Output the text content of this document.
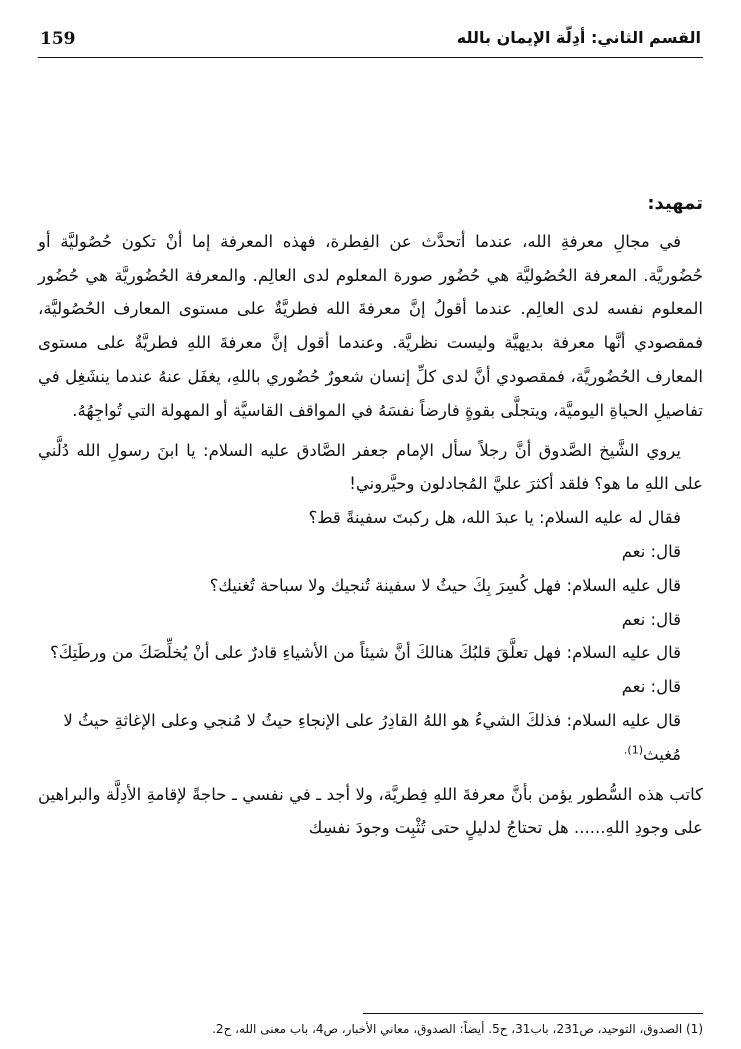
159	القسم الثاني: أدِلّة الإيمان بالله

تمهيد:

في مجالِ معرفةِ الله، عندما أتحدَّث عن الفِطرة، فهذه المعرفة إما أنْ تكون حُصُوليَّة أو حُضُوريَّة. المعرفة الحُصُوليَّة هي حُضُور صورة المعلوم لدى العالِم. والمعرفة الحُضُوريَّة هي حُضُور المعلوم نفسه لدى العالِم. عندما أقولُ إنَّ معرفةَ الله فطريَّةٌ على مستوى المعارف الحُصُوليَّة، فمقصودي أنَّها معرفة بديهيَّة وليست نظريَّة. وعندما أقول إنَّ معرفةَ اللهِ فطريَّةٌ على مستوى المعارف الحُضُوريَّة، فمقصودي أنَّ لدى كلِّ إنسان شعورٌ حُضُوري باللهِ، يغفَل عنهُ عندما ينشَغِل في تفاصيلِ الحياةِ اليوميَّة، ويتجلَّى بقوةٍ فارضاً نفسَهُ في المواقف القاسيَّة أو المهولة التي تُواجِهُهُ.

يروي الشَّيخ الصَّدوق أنَّ رجلاً سأل الإمام جعفر الصَّادق عليه السلام: يا ابنَ رسولِ الله دُلَّني على اللهِ ما هو؟ فلقد أكثرَ عليَّ المُجادلون وحيَّروني!

فقال له عليه السلام: يا عبدَ الله، هل ركبتَ سفينةً قط؟

قال: نعم

قال عليه السلام: فهل كُسِرَ بِكَ حيثُ لا سفينة تُنجيك ولا سباحة تُغنيك؟

قال: نعم

قال عليه السلام: فهل تعلَّقَ قلبُكَ هنالكَ أنَّ شيئاً من الأشياءِ قادرٌ على أنْ يُخلِّصَكَ من ورطَتِكَ؟

قال: نعم

قال عليه السلام: فذلكَ الشيءُ هو اللهُ القادِرُ على الإنجاءِ حيثُ لا مُنجي وعلى الإغاثةِ حيثُ لا مُغيث$^{(1).}$

كاتب هذه السُّطور يؤمن بأنَّ معرفةَ اللهِ فِطريَّة، ولا أجد ـ في نفسي ـ حاجةً لإقامةِ الأدِلَّة والبراهين على وجودِ اللهِ...... هل تحتاجُ لدليلٍ حتى تُثْبِت وجودَ نفسِك

(1) الصدوق، التوحيد، ص231، باب31، ح5. أيضاً: الصدوق، معاني الأخبار، ص4، باب معنى الله، ح2.
